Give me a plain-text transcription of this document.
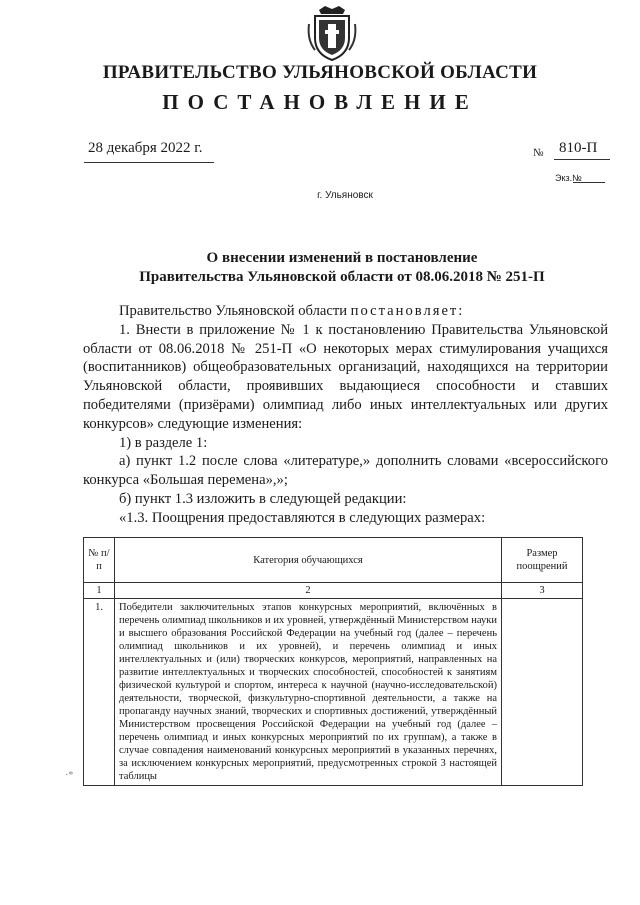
ПРАВИТЕЛЬСТВО УЛЬЯНОВСКОЙ ОБЛАСТИ
ПОСТАНОВЛЕНИЕ
28 декабря 2022 г.	№ 810-П
Экз.№
г. Ульяновск
О внесении изменений в постановление
Правительства Ульяновской области от 08.06.2018 № 251-П

Правительство Ульяновской области постановляет:

1. Внести в приложение № 1 к постановлению Правительства Ульяновской области от 08.06.2018 № 251-П «О некоторых мерах стимулирования учащихся (воспитанников) общеобразовательных организаций, находящихся на территории Ульяновской области, проявивших выдающиеся способности и ставших победителями (призёрами) олимпиад либо иных интеллектуальных или других конкурсов» следующие изменения:

1) в разделе 1:

а) пункт 1.2 после слова «литературе,» дополнить словами «всероссийского конкурса «Большая перемена»,»;

б) пункт 1.3 изложить в следующей редакции:

«1.3. Поощрения предоставляются в следующих размерах:

№ п/п	Категория обучающихся	Размер поощрений
1	2	3
1.	Победители заключительных этапов конкурсных мероприятий, включённых в перечень олимпиад школьников и их уровней, утверждённый Министерством науки и высшего образования Российской Федерации на учебный год (далее – перечень олимпиад школьников и их уровней), и перечень олимпиад и иных интеллектуальных и (или) творческих конкурсов, мероприятий, направленных на развитие интеллектуальных и творческих способностей, способностей к занятиям физической культурой и спортом, интереса к научной (научно-исследовательской) деятельности, творческой, физкультурно-спортивной деятельности, а также на пропаганду научных знаний, творческих и спортивных достижений, утверждённый Министерством просвещения Российской Федерации на учебный год (далее – перечень олимпиад и иных конкурсных мероприятий по их группам), а также в случае совпадения наименований конкурсных мероприятий в указанных перечнях, за исключением конкурсных мероприятий, предусмотренных строкой 3 настоящей таблицы	
·*
